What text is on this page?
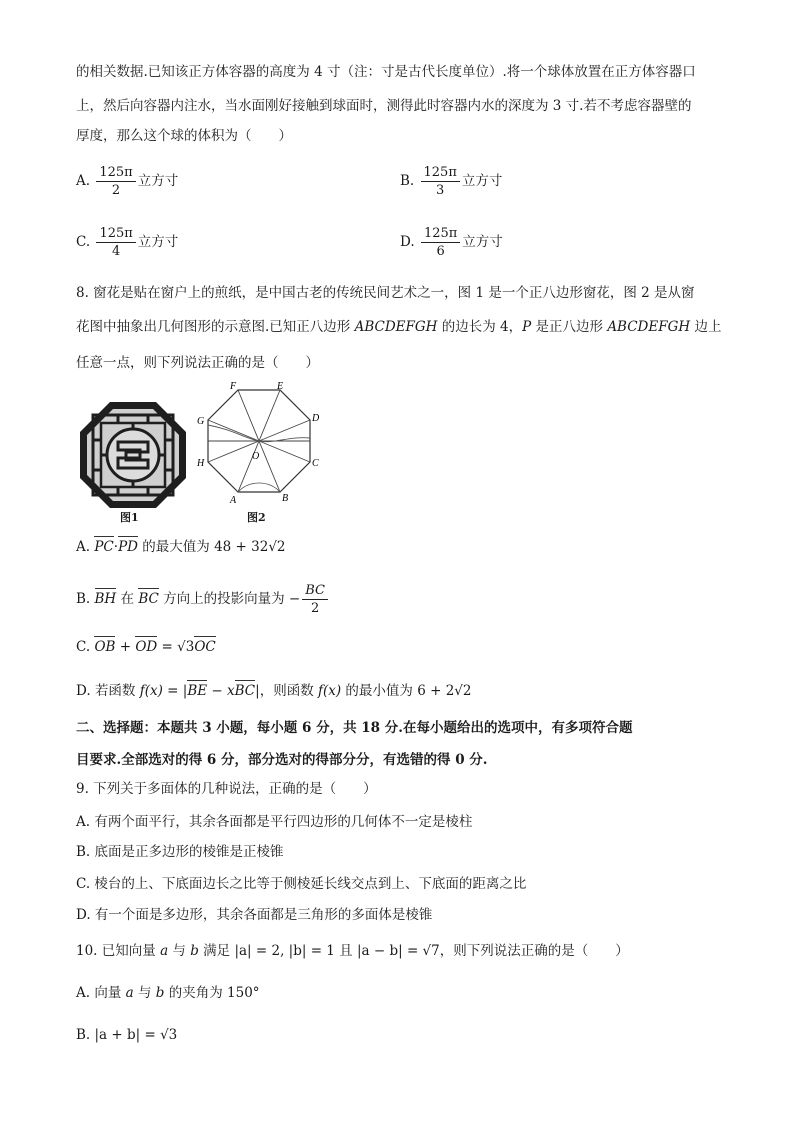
的相关数据.已知该正方体容器的高度为 4 寸（注：寸是古代长度单位）.将一个球体放置在正方体容器口
上，然后向容器内注水，当水面刚好接触到球面时，测得此时容器内水的深度为 3 寸.若不考虑容器壁的
厚度，那么这个球的体积为（　　）
A. $\frac{125\pi}{2}$ 立方寸	B. $\frac{125\pi}{3}$ 立方寸
C. $\frac{125\pi}{4}$ 立方寸	D. $\frac{125\pi}{6}$ 立方寸
8. 窗花是贴在窗户上的煎纸，是中国古老的传统民间艺术之一，图 1 是一个正八边形窗花，图 2 是从窗
花图中抽象出几何图形的示意图.已知正八边形 ABCDEFGH 的边长为 4，P 是正八边形 ABCDEFGH 边上
任意一点，则下列说法正确的是（　　）
图1
F	E
D
C
G
H
A	B
O
图2
A. PC·PD 的最大值为 48 + 32√2
B. BH 在 BC 方向上的投影向量为 − $\frac{BC}{2}$
C. OB + OD = √3OC
D. 若函数 f(x) = |BE − xBC|，则函数 f(x) 的最小值为 6 + 2√2
二、选择题：本题共 3 小题，每小题 6 分，共 18 分.在每小题给出的选项中，有多项符合题
目要求.全部选对的得 6 分，部分选对的得部分分，有选错的得 0 分.
9. 下列关于多面体的几种说法，正确的是（　　）
A. 有两个面平行，其余各面都是平行四边形的几何体不一定是棱柱
B. 底面是正多边形的棱锥是正棱锥
C. 棱台的上、下底面边长之比等于侧棱延长线交点到上、下底面的距离之比
D. 有一个面是多边形，其余各面都是三角形的多面体是棱锥
10. 已知向量 a 与 b 满足 |a| = 2, |b| = 1 且 |a − b| = √7，则下列说法正确的是（　　）
A. 向量 a 与 b 的夹角为 150°
B. |a + b| = √3
